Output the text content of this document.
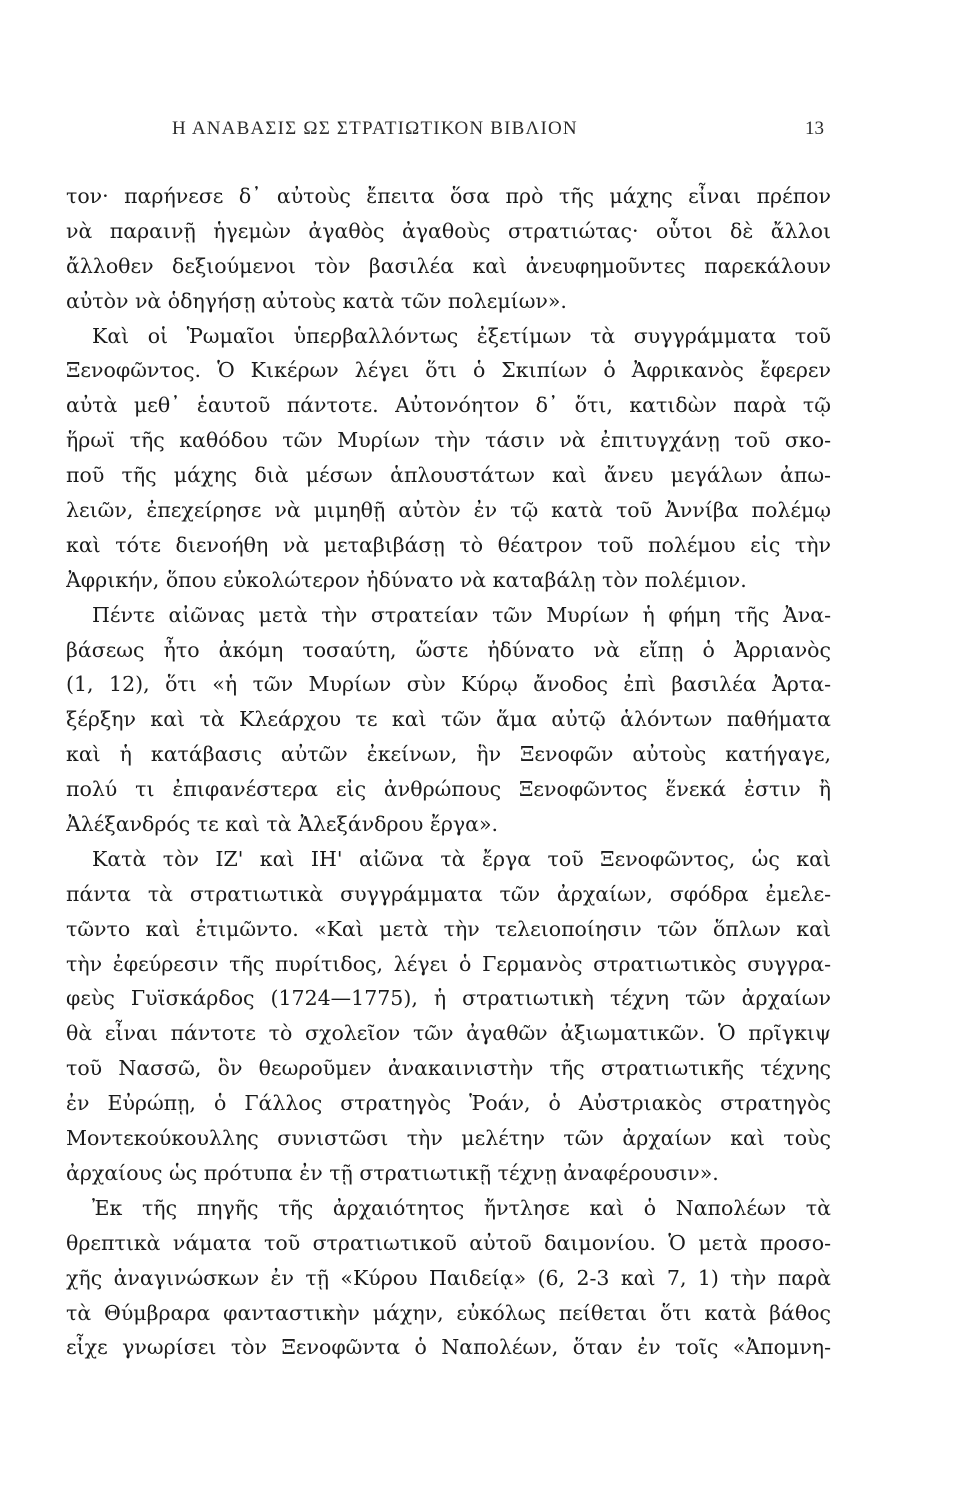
Η ΑΝΑΒΑΣΙΣ ΩΣ ΣΤΡΑΤΙΩΤΙΚΟΝ ΒΙΒΛΙΟΝ	13
τον· παρήνεσε δ᾽ αὐτοὺς ἔπειτα ὅσα πρὸ τῆς μάχης εἶναι πρέπον
νὰ παραινῇ ἡγεμὼν ἀγαθὸς ἀγαθοὺς στρατιώτας· οὗτοι δὲ ἄλλοι
ἄλλοθεν δεξιούμενοι τὸν βασιλέα καὶ ἀνευφημοῦντες παρεκάλουν
αὐτὸν νὰ ὁδηγήσῃ αὐτοὺς κατὰ τῶν πολεμίων».
Καὶ οἱ Ῥωμαῖοι ὑπερβαλλόντως ἐξετίμων τὰ συγγράμματα τοῦ
Ξενοφῶντος. Ὁ Κικέρων λέγει ὅτι ὁ Σκιπίων ὁ Ἀφρικανὸς ἔφερεν
αὐτὰ μεθ᾽ ἑαυτοῦ πάντοτε. Αὐτονόητον δ᾽ ὅτι, κατιδὼν παρὰ τῷ
ἥρωϊ τῆς καθόδου τῶν Μυρίων τὴν τάσιν νὰ ἐπιτυγχάνῃ τοῦ σκο-
ποῦ τῆς μάχης διὰ μέσων ἁπλουστάτων καὶ ἄνευ μεγάλων ἀπω-
λειῶν, ἐπεχείρησε νὰ μιμηθῇ αὐτὸν ἐν τῷ κατὰ τοῦ Ἀννίβα πολέμῳ
καὶ τότε διενοήθη νὰ μεταβιβάσῃ τὸ θέατρον τοῦ πολέμου εἰς τὴν
Ἀφρικήν, ὅπου εὐκολώτερον ἠδύνατο νὰ καταβάλῃ τὸν πολέμιον.
Πέντε αἰῶνας μετὰ τὴν στρατείαν τῶν Μυρίων ἡ φήμη τῆς Ἀνα-
βάσεως ἦτο ἀκόμη τοσαύτη, ὥστε ἠδύνατο νὰ εἴπῃ ὁ Ἀρριανὸς
(1, 12), ὅτι «ἡ τῶν Μυρίων σὺν Κύρῳ ἄνοδος ἐπὶ βασιλέα Ἀρτα-
ξέρξην καὶ τὰ Κλεάρχου τε καὶ τῶν ἅμα αὐτῷ ἁλόντων παθήματα
καὶ ἡ κατάβασις αὐτῶν ἐκείνων, ἣν Ξενοφῶν αὐτοὺς κατήγαγε,
πολύ τι ἐπιφανέστερα εἰς ἀνθρώπους Ξενοφῶντος ἕνεκά ἐστιν ἢ
Ἀλέξανδρός τε καὶ τὰ Ἀλεξάνδρου ἔργα».
Κατὰ τὸν ΙΖ' καὶ ΙΗ' αἰῶνα τὰ ἔργα τοῦ Ξενοφῶντος, ὡς καὶ
πάντα τὰ στρατιωτικὰ συγγράμματα τῶν ἀρχαίων, σφόδρα ἐμελε-
τῶντο καὶ ἐτιμῶντο. «Καὶ μετὰ τὴν τελειοποίησιν τῶν ὅπλων καὶ
τὴν ἐφεύρεσιν τῆς πυρίτιδος, λέγει ὁ Γερμανὸς στρατιωτικὸς συγγρα-
φεὺς Γυϊσκάρδος (1724—1775), ἡ στρατιωτικὴ τέχνη τῶν ἀρχαίων
θὰ εἶναι πάντοτε τὸ σχολεῖον τῶν ἀγαθῶν ἀξιωματικῶν. Ὁ πρῖγκιψ
τοῦ Νασσῶ, ὃν θεωροῦμεν ἀνακαινιστὴν τῆς στρατιωτικῆς τέχνης
ἐν Εὐρώπῃ, ὁ Γάλλος στρατηγὸς Ῥοάν, ὁ Αὐστριακὸς στρατηγὸς
Μοντεκούκουλλης συνιστῶσι τὴν μελέτην τῶν ἀρχαίων καὶ τοὺς
ἀρχαίους ὡς πρότυπα ἐν τῇ στρατιωτικῇ τέχνῃ ἀναφέρουσιν».
Ἐκ τῆς πηγῆς τῆς ἀρχαιότητος ἤντλησε καὶ ὁ Ναπολέων τὰ
θρεπτικὰ νάματα τοῦ στρατιωτικοῦ αὐτοῦ δαιμονίου. Ὁ μετὰ προσο-
χῆς ἀναγινώσκων ἐν τῇ «Κύρου Παιδείᾳ» (6, 2-3 καὶ 7, 1) τὴν παρὰ
τὰ Θύμβραρα φανταστικὴν μάχην, εὐκόλως πείθεται ὅτι κατὰ βάθος
εἶχε γνωρίσει τὸν Ξενοφῶντα ὁ Ναπολέων, ὅταν ἐν τοῖς «Ἀπομνη-
